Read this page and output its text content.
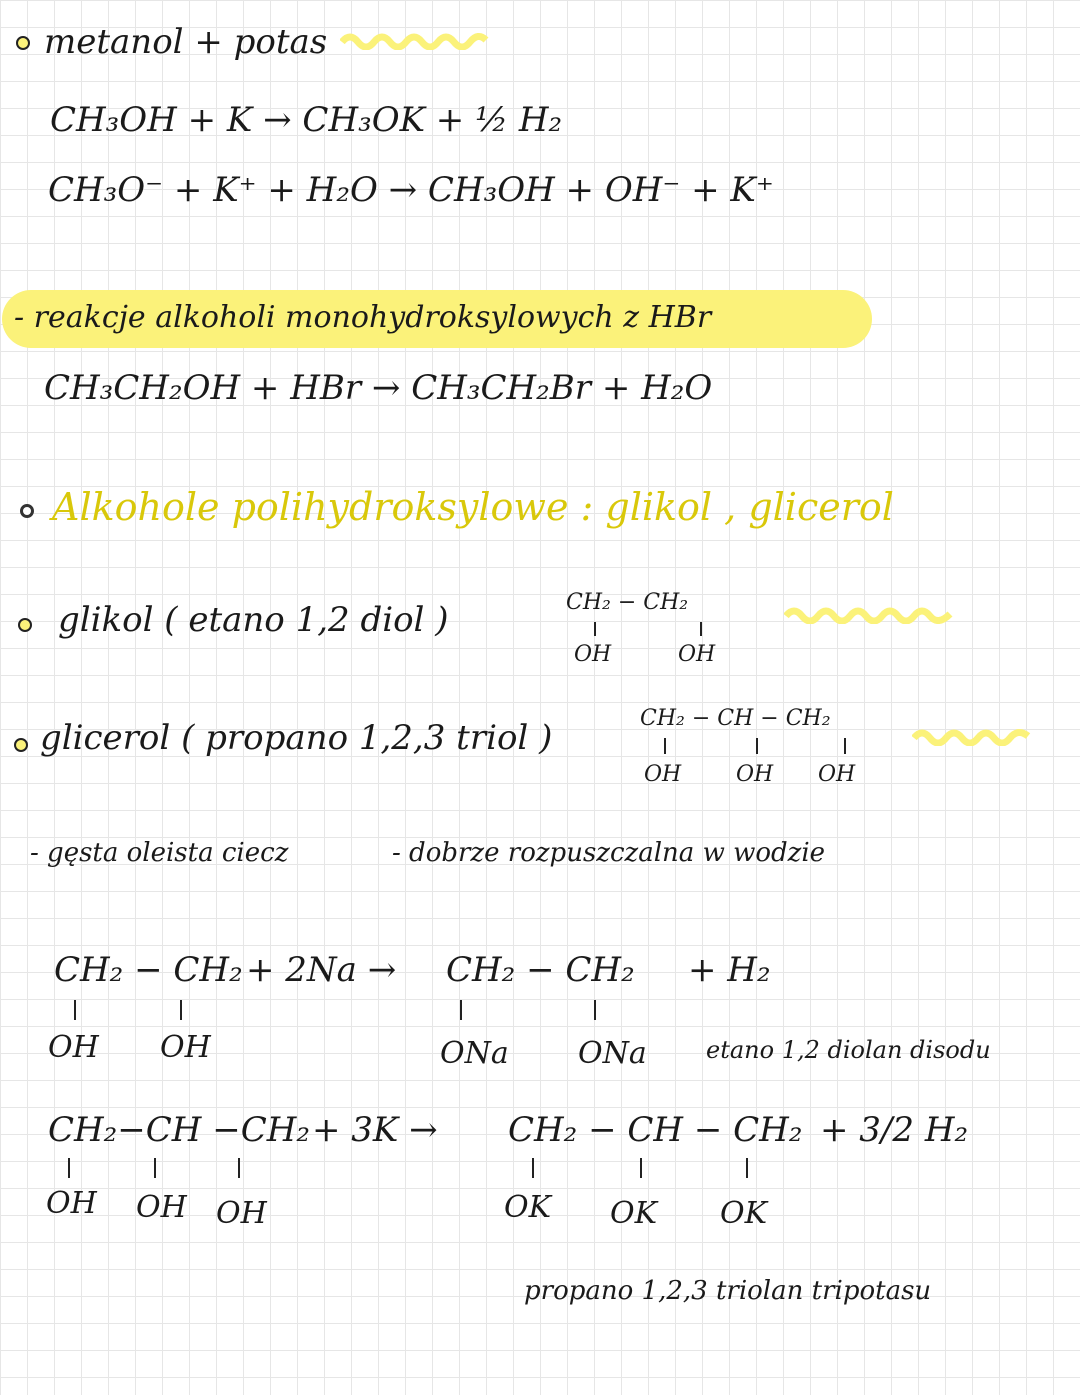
metanol + potas
CH₃OH + K → CH₃OK + ½ H₂
CH₃O⁻ + K⁺ + H₂O → CH₃OH + OH⁻ + K⁺
- reakcje alkoholi monohydroksylowych z HBr
CH₃CH₂OH + HBr → CH₃CH₂Br + H₂O
Alkohole polihydroksylowe : glikol , glicerol
glikol ( etano 1,2 diol )	CH₂ − CH₂
OH	OH
glicerol ( propano 1,2,3 triol )	CH₂ − CH − CH₂
OH OH OH
- gęsta oleista ciecz	- dobrze rozpuszczalna w wodzie
CH₂ − CH₂ + 2Na → CH₂ − CH₂ + H₂
OH OH	ONa ONa etano 1,2 diolan disodu
CH₂−CH −CH₂ + 3K → CH₂ − CH − CH₂ + 3/2 H₂
OH OH OH	OK OK OK
propano 1,2,3 triolan tripotasu
